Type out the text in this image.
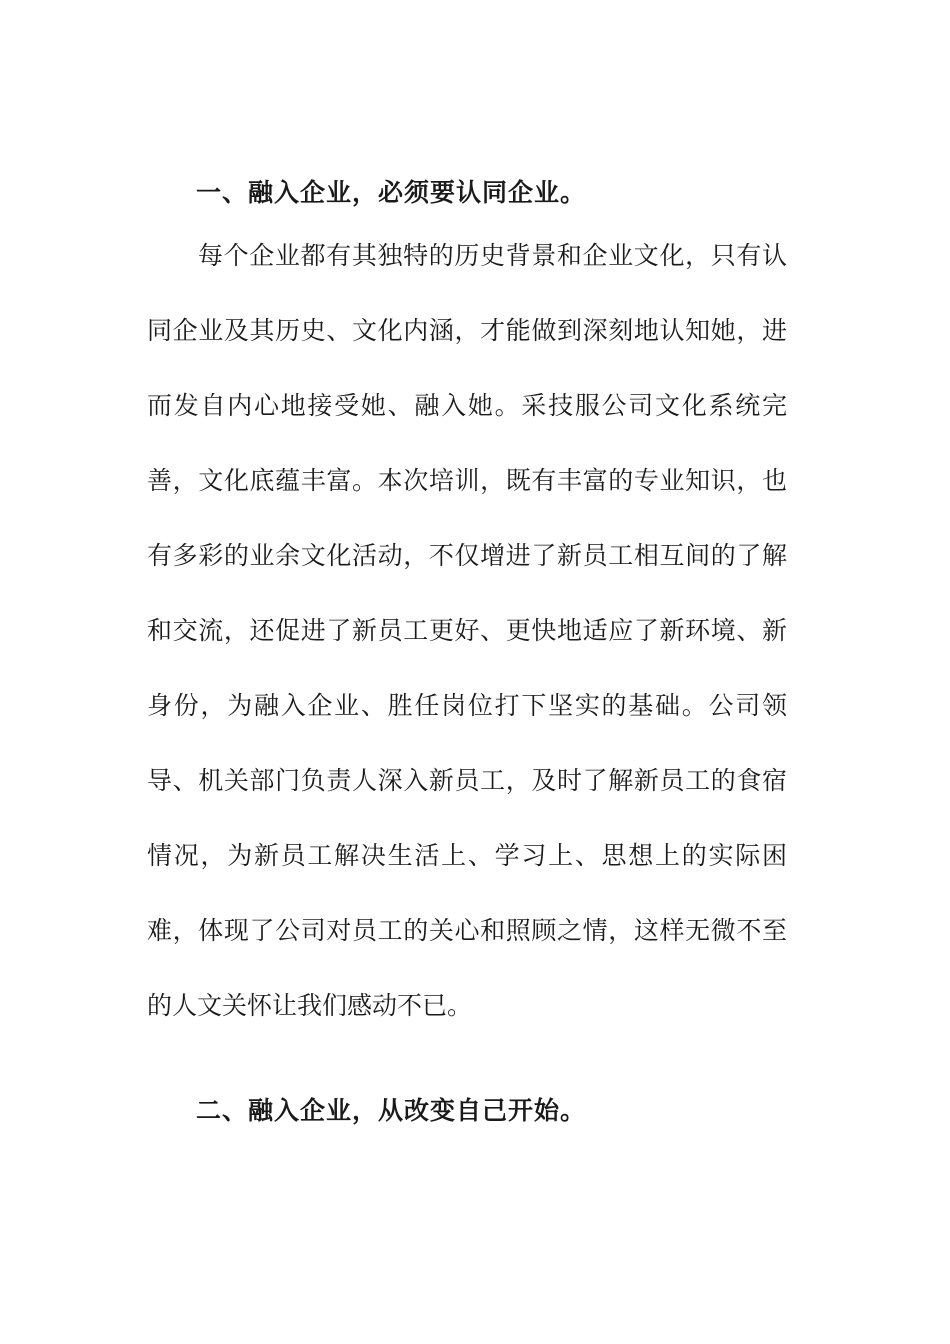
一、融入企业，必须要认同企业。
每个企业都有其独特的历史背景和企业文化，只有认
同企业及其历史、文化内涵，才能做到深刻地认知她，进
而发自内心地接受她、融入她。采技服公司文化系统完
善，文化底蕴丰富。本次培训，既有丰富的专业知识，也
有多彩的业余文化活动，不仅增进了新员工相互间的了解
和交流，还促进了新员工更好、更快地适应了新环境、新
身份，为融入企业、胜任岗位打下坚实的基础。公司领
导、机关部门负责人深入新员工，及时了解新员工的食宿
情况，为新员工解决生活上、学习上、思想上的实际困
难，体现了公司对员工的关心和照顾之情，这样无微不至
的人文关怀让我们感动不已。
二、融入企业，从改变自己开始。
